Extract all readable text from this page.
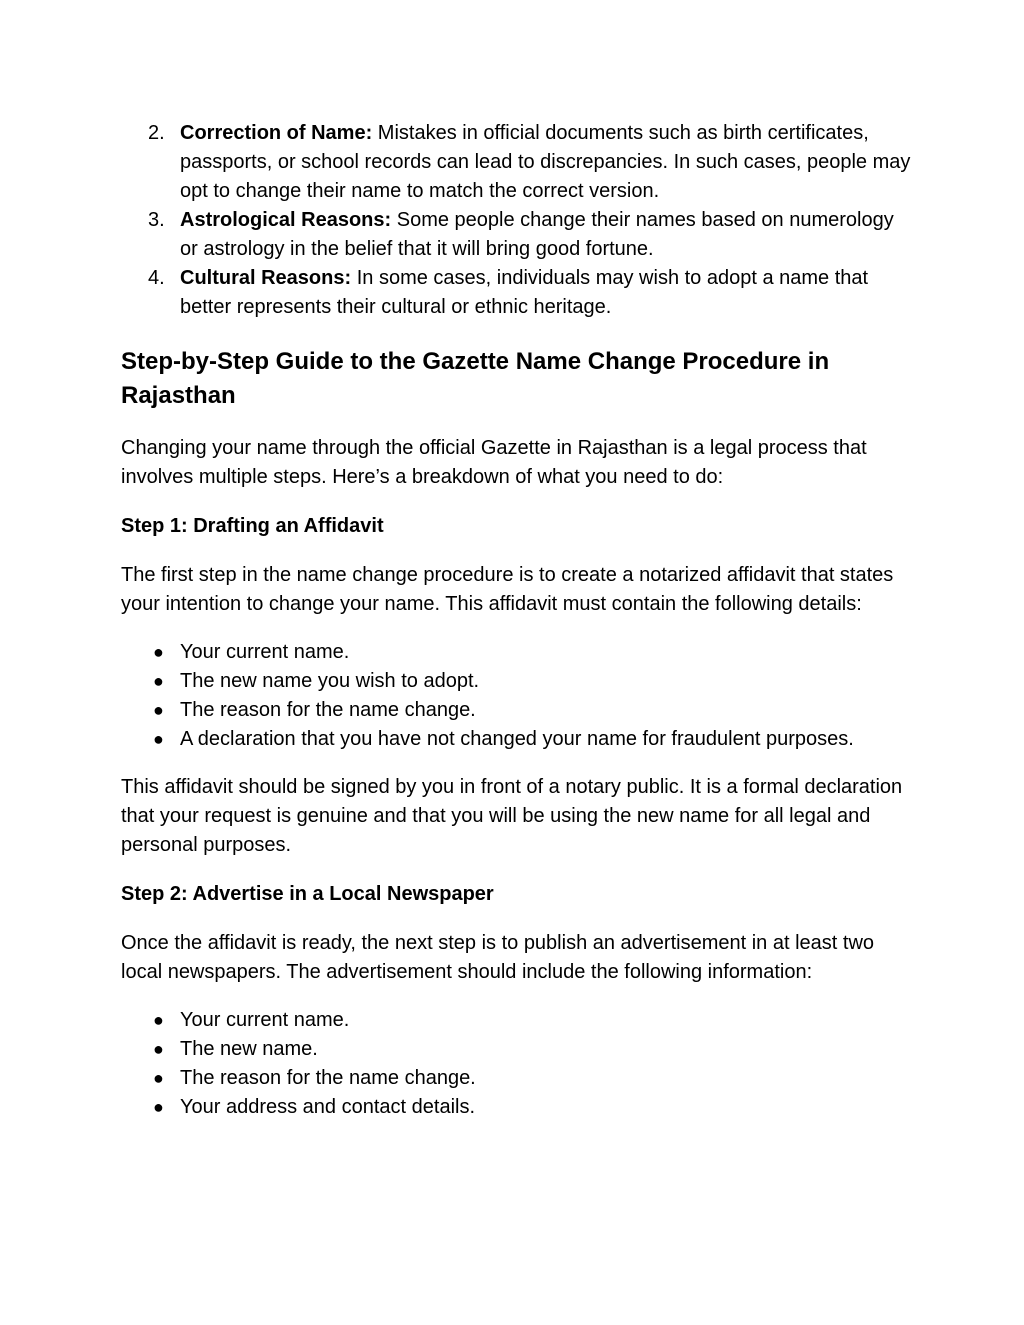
2. Correction of Name: Mistakes in official documents such as birth certificates, passports, or school records can lead to discrepancies. In such cases, people may opt to change their name to match the correct version.
3. Astrological Reasons: Some people change their names based on numerology or astrology in the belief that it will bring good fortune.
4. Cultural Reasons: In some cases, individuals may wish to adopt a name that better represents their cultural or ethnic heritage.
Step-by-Step Guide to the Gazette Name Change Procedure in Rajasthan

Changing your name through the official Gazette in Rajasthan is a legal process that involves multiple steps. Here’s a breakdown of what you need to do:

Step 1: Drafting an Affidavit

The first step in the name change procedure is to create a notarized affidavit that states your intention to change your name. This affidavit must contain the following details:

● Your current name.
● The new name you wish to adopt.
● The reason for the name change.
● A declaration that you have not changed your name for fraudulent purposes.

This affidavit should be signed by you in front of a notary public. It is a formal declaration that your request is genuine and that you will be using the new name for all legal and personal purposes.

Step 2: Advertise in a Local Newspaper

Once the affidavit is ready, the next step is to publish an advertisement in at least two local newspapers. The advertisement should include the following information:

● Your current name.
● The new name.
● The reason for the name change.
● Your address and contact details.
